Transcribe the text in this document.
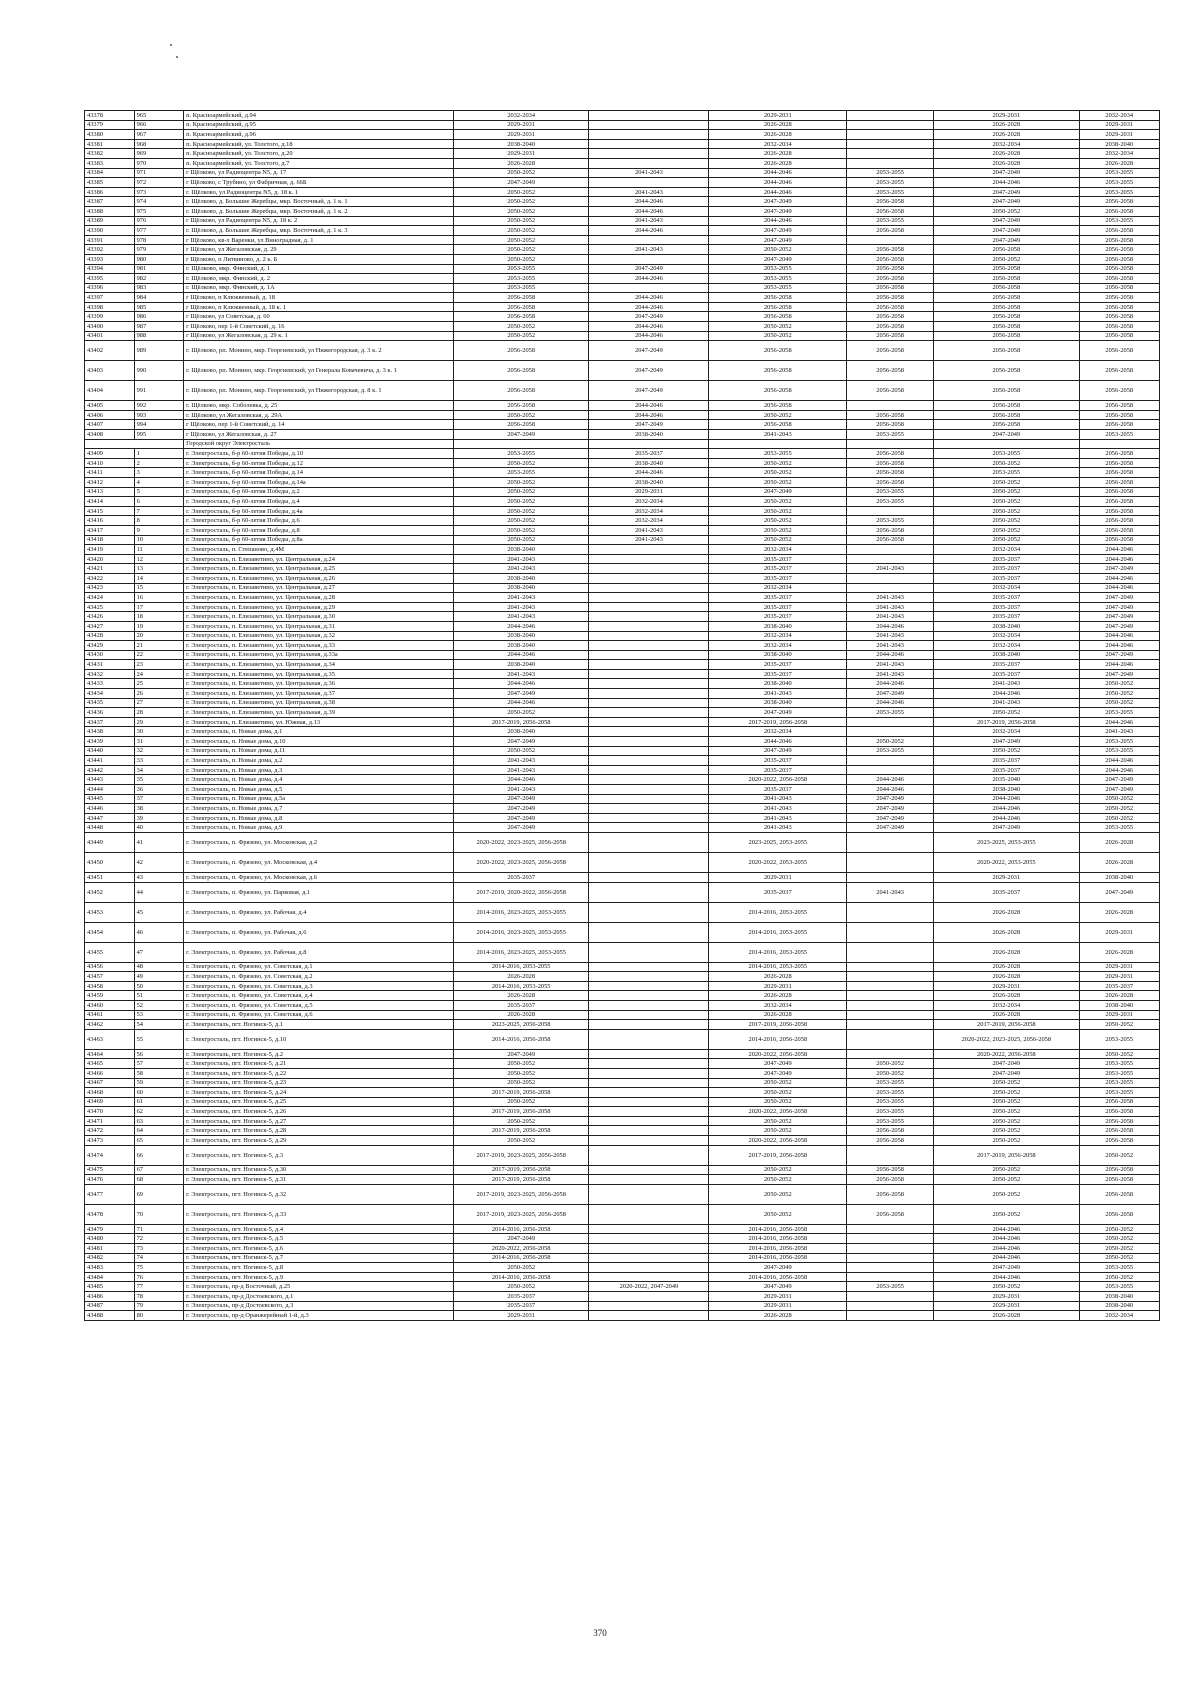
43378	965	п. Красноармейский, д.94	2032-2034		2029-2031		2029-2031	2032-2034
43379	966	п. Красноармейский, д.95	2029-2031		2026-2028		2026-2028	2029-2031
43380	967	п. Красноармейский, д.96	2029-2031		2026-2028		2026-2028	2029-2031
43381	968	п. Красноармейский, ул. Толстого, д.18	2038-2040		2032-2034		2032-2034	2038-2040
43382	969	п. Красноармейский, ул. Толстого, д.20	2029-2031		2026-2028		2026-2028	2032-2034
43383	970	п. Красноармейский, ул. Толстого, д.7	2026-2028		2026-2028		2026-2028	2026-2028
43384	971	г Щёлково, ул Радиоцентра N5, д. 17	2050-2052	2041-2043	2044-2046	2053-2055	2047-2049	2053-2055
43385	972	г Щёлково, с Трубино, ул Фабричная, д. 66Б	2047-2049		2044-2046	2053-2055	2044-2046	2053-2055
43386	973	г. Щёлково, ул Радиоцентра N5, д. 18 к. 1	2050-2052	2041-2043	2044-2046	2053-2055	2047-2049	2053-2055
43387	974	г. Щёлково, д. Большие Жеребцы, мкр. Восточный, д. 1 к. 1	2050-2052	2044-2046	2047-2049	2056-2058	2047-2049	2056-2058
43388	975	г. Щёлково, д. Большие Жеребцы, мкр. Восточный, д. 1 к. 2	2050-2052	2044-2046	2047-2049	2056-2058	2050-2052	2056-2058
43389	976	г Щёлково, ул Радиоцентра N5, д. 18 к. 2	2050-2052	2041-2043	2044-2046	2053-2055	2047-2049	2053-2055
43390	977	г. Щёлково, д. Большие Жеребцы, мкр. Восточный, д. 1 к. 3	2050-2052	2044-2046	2047-2049	2056-2058	2047-2049	2056-2058
43391	978	г Щёлково, кв-л Варенки, ул Виноградная, д. 1	2050-2052		2047-2049		2047-2049	2056-2058
43392	979	г Щёлково, ул Жегаловская, д. 29	2050-2052	2041-2043	2050-2052	2056-2058	2056-2058	2056-2058
43393	980	г Щёлково, п Литвиново, д. 2 к. Б	2050-2052		2047-2049	2056-2058	2050-2052	2056-2058
43394	981	г. Щёлково, мкр. Финский, д. 1	2053-2055	2047-2049	2053-2055	2056-2058	2056-2058	2056-2058
43395	982	г. Щёлково, мкр. Финский, д. 2	2053-2055	2044-2046	2053-2055	2056-2058	2056-2058	2056-2058
43396	983	г. Щёлково, мкр. Финский, д. 1А	2053-2055		2053-2055	2056-2058	2056-2058	2056-2058
43397	984	г Щёлково, п Клюквенный, д. 18	2056-2058	2044-2046	2056-2058	2056-2058	2056-2058	2056-2058
43398	985	г Щёлково, п Клюквенный, д. 18 к. 1	2056-2058	2044-2046	2056-2058	2056-2058	2056-2058	2056-2058
43399	986	г Щёлково, ул Советская, д. 60	2056-2058	2047-2049	2056-2058	2056-2058	2056-2058	2056-2058
43400	987	г Щёлково, пер 1-й Советский, д. 16	2050-2052	2044-2046	2050-2052	2056-2058	2056-2058	2056-2058
43401	988	г Щёлково, ул Жегаловская, д. 29 к. 1	2050-2052	2044-2046	2050-2052	2056-2058	2056-2058	2056-2058
43402	989	г. Щёлково, рп. Монино, мкр. Георгиевский, ул Нижегородская, д. 3 к. 2	2056-2058	2047-2049	2056-2058	2056-2058	2056-2058	2056-2058
43403	990	г. Щёлково, рп. Монино, мкр. Георгиевский, ул Генерала Ковачевича, д. 3 к. 1	2056-2058	2047-2049	2056-2058	2056-2058	2056-2058	2056-2058
43404	991	г. Щёлково, рп. Монино, мкр. Георгиевский, ул Нижегородская, д. 8 к. 1	2056-2058	2047-2049	2056-2058	2056-2058	2056-2058	2056-2058
43405	992	г. Щёлково, мкр. Соболевка, д. 25	2056-2058	2044-2046	2056-2058		2056-2058	2056-2058
43406	993	г. Щёлково, ул Жегаловская, д. 29А	2050-2052	2044-2046	2050-2052	2056-2058	2056-2058	2056-2058
43407	994	г Щёлково, пер 1-й Советский, д. 14	2056-2058	2047-2049	2056-2058	2056-2058	2056-2058	2056-2058
43408	995	г Щёлково, ул Жегаловская, д. 27	2047-2049	2038-2040	2041-2043	2053-2055	2047-2049	2053-2055
		Городской округ Электросталь						
43409	1	г. Электросталь, б-р 60-летия Победы, д.10	2053-2055	2035-2037	2053-2055	2056-2058	2053-2055	2056-2058
43410	2	г. Электросталь, б-р 60-летия Победы, д.12	2050-2052	2038-2040	2050-2052	2056-2058	2050-2052	2056-2058
43411	3	г. Электросталь, б-р 60-летия Победы, д.14	2053-2055	2044-2046	2050-2052	2056-2058	2053-2055	2056-2058
43412	4	г. Электросталь, б-р 60-летия Победы, д.14а	2050-2052	2038-2040	2050-2052	2056-2058	2050-2052	2056-2058
43413	5	г. Электросталь, б-р 60-летия Победы, д.2	2050-2052	2029-2031	2047-2049	2053-2055	2050-2052	2056-2058
43414	6	г. Электросталь, б-р 60-летия Победы, д.4	2050-2052	2032-2034	2050-2052	2053-2055	2050-2052	2056-2058
43415	7	г. Электросталь, б-р 60-летия Победы, д.4а	2050-2052	2032-2034	2050-2052		2050-2052	2056-2058
43416	8	г. Электросталь, б-р 60-летия Победы, д.6	2050-2052	2032-2034	2050-2052	2053-2055	2050-2052	2056-2058
43417	9	г. Электросталь, б-р 60-летия Победы, д.8	2050-2052	2041-2043	2050-2052	2056-2058	2050-2052	2056-2058
43418	10	г. Электросталь, б-р 60-летия Победы, д.8а	2050-2052	2041-2043	2050-2052	2056-2058	2050-2052	2056-2058
43419	11	г. Электросталь, п. Степаново, д.4М	2038-2040		2032-2034		2032-2034	2044-2046
43420	12	г. Электросталь, п. Елизаветино, ул. Центральная, д.24	2041-2043		2035-2037		2035-2037	2044-2046
43421	13	г. Электросталь, п. Елизаветино, ул. Центральная, д.25	2041-2043		2035-2037	2041-2043	2035-2037	2047-2049
43422	14	г. Электросталь, п. Елизаветино, ул. Центральная, д.26	2038-2040		2035-2037		2035-2037	2044-2046
43423	15	г. Электросталь, п. Елизаветино, ул. Центральная, д.27	2038-2040		2032-2034		2032-2034	2044-2046
43424	16	г. Электросталь, п. Елизаветино, ул. Центральная, д.28	2041-2043		2035-2037	2041-2043	2035-2037	2047-2049
43425	17	г. Электросталь, п. Елизаветино, ул. Центральная, д.29	2041-2043		2035-2037	2041-2043	2035-2037	2047-2049
43426	18	г. Электросталь, п. Елизаветино, ул. Центральная, д.30	2041-2043		2035-2037	2041-2043	2035-2037	2047-2049
43427	19	г. Электросталь, п. Елизаветино, ул. Центральная, д.31	2044-2046		2038-2040	2044-2046	2038-2040	2047-2049
43428	20	г. Электросталь, п. Елизаветино, ул. Центральная, д.32	2038-2040		2032-2034	2041-2043	2032-2034	2044-2046
43429	21	г. Электросталь, п. Елизаветино, ул. Центральная, д.33	2038-2040		2032-2034	2041-2043	2032-2034	2044-2046
43430	22	г. Электросталь, п. Елизаветино, ул. Центральная, д.33а	2044-2046		2038-2040	2044-2046	2038-2040	2047-2049
43431	23	г. Электросталь, п. Елизаветино, ул. Центральная, д.34	2038-2040		2035-2037	2041-2043	2035-2037	2044-2046
43432	24	г. Электросталь, п. Елизаветино, ул. Центральная, д.35	2041-2043		2035-2037	2041-2043	2035-2037	2047-2049
43433	25	г. Электросталь, п. Елизаветино, ул. Центральная, д.36	2044-2046		2038-2040	2044-2046	2041-2043	2050-2052
43434	26	г. Электросталь, п. Елизаветино, ул. Центральная, д.37	2047-2049		2041-2043	2047-2049	2044-2046	2050-2052
43435	27	г. Электросталь, п. Елизаветино, ул. Центральная, д.38	2044-2046		2038-2040	2044-2046	2041-2043	2050-2052
43436	28	г. Электросталь, п. Елизаветино, ул. Центральная, д.39	2050-2052		2047-2049	2053-2055	2050-2052	2053-2055
43437	29	г. Электросталь, п. Елизаветино, ул. Южная, д.13	2017-2019, 2056-2058		2017-2019, 2056-2058		2017-2019, 2056-2058	2044-2046
43438	30	г. Электросталь, п. Новые дома, д.1	2038-2040		2032-2034		2032-2034	2041-2043
43439	31	г. Электросталь, п. Новые дома, д.10	2047-2049		2044-2046	2050-2052	2047-2049	2053-2055
43440	32	г. Электросталь, п. Новые дома, д.11	2050-2052		2047-2049	2053-2055	2050-2052	2053-2055
43441	33	г. Электросталь, п. Новые дома, д.2	2041-2043		2035-2037		2035-2037	2044-2046
43442	34	г. Электросталь, п. Новые дома, д.3	2041-2043		2035-2037		2035-2037	2044-2046
43443	35	г. Электросталь, п. Новые дома, д.4	2044-2046		2020-2022, 2056-2058	2044-2046	2035-2040	2047-2049
43444	36	г. Электросталь, п. Новые дома, д.5	2041-2043		2035-2037	2044-2046	2038-2040	2047-2049
43445	37	г. Электросталь, п. Новые дома, д.5а	2047-2049		2041-2043	2047-2049	2044-2046	2050-2052
43446	38	г. Электросталь, п. Новые дома, д.7	2047-2049		2041-2043	2047-2049	2044-2046	2050-2052
43447	39	г. Электросталь, п. Новые дома, д.8	2047-2049		2041-2043	2047-2049	2044-2046	2050-2052
43448	40	г. Электросталь, п. Новые дома, д.9	2047-2049		2041-2043	2047-2049	2047-2049	2053-2055
43449	41	г. Электросталь, п. Фрязево, ул. Московская, д.2	2020-2022, 2023-2025, 2056-2058		2023-2025, 2053-2055		2023-2025, 2053-2055	2026-2028
43450	42	г. Электросталь, п. Фрязево, ул. Московская, д.4	2020-2022, 2023-2025, 2056-2058		2020-2022, 2053-2055		2020-2022, 2053-2055	2026-2028
43451	43	г. Электросталь, п. Фрязево, ул. Московская, д.6	2035-2037		2029-2031		2029-2031	2038-2040
43452	44	г. Электросталь, п. Фрязево, ул. Парковая, д.1	2017-2019, 2020-2022, 2056-2058		2035-2037	2041-2043	2035-2037	2047-2049
43453	45	г. Электросталь, п. Фрязево, ул. Рабочая, д.4	2014-2016, 2023-2025, 2053-2055		2014-2016, 2053-2055		2026-2028	2026-2028
43454	46	г. Электросталь, п. Фрязево, ул. Рабочая, д.6	2014-2016, 2023-2025, 2053-2055		2014-2016, 2053-2055		2026-2028	2029-2031
43455	47	г. Электросталь, п. Фрязево, ул. Рабочая, д.8	2014-2016, 2023-2025, 2053-2055		2014-2016, 2053-2055		2026-2028	2026-2028
43456	48	г. Электросталь, п. Фрязево, ул. Советская, д.1	2014-2016, 2053-2055		2014-2016, 2053-2055		2026-2028	2029-2031
43457	49	г. Электросталь, п. Фрязево, ул. Советская, д.2	2026-2028		2026-2028		2026-2028	2029-2031
43458	50	г. Электросталь, п. Фрязево, ул. Советская, д.3	2014-2016, 2053-2055		2029-2031		2029-2031	2035-2037
43459	51	г. Электросталь, п. Фрязево, ул. Советская, д.4	2026-2028		2026-2028		2026-2028	2026-2028
43460	52	г. Электросталь, п. Фрязево, ул. Советская, д.5	2035-2037		2032-2034		2032-2034	2038-2040
43461	53	г. Электросталь, п. Фрязево, ул. Советская, д.6	2026-2028		2026-2028		2026-2028	2029-2031
43462	54	г. Электросталь, пгт. Ногинск-5, д.1	2023-2025, 2056-2058		2017-2019, 2056-2058		2017-2019, 2056-2058	2050-2052
43463	55	г. Электросталь, пгт. Ногинск-5, д.10	2014-2016, 2056-2058		2014-2016, 2056-2058		2020-2022, 2023-2025, 2056-2058	2053-2055
43464	56	г. Электросталь, пгт. Ногинск-5, д.2	2047-2049		2020-2022, 2056-2058		2020-2022, 2056-2058	2050-2052
43465	57	г. Электросталь, пгт. Ногинск-5, д.21	2050-2052		2047-2049	2050-2052	2047-2049	2053-2055
43466	58	г. Электросталь, пгт. Ногинск-5, д.22	2050-2052		2047-2049	2050-2052	2047-2049	2053-2055
43467	59	г. Электросталь, пгт. Ногинск-5, д.23	2050-2052		2050-2052	2053-2055	2050-2052	2053-2055
43468	60	г. Электросталь, пгт. Ногинск-5, д.24	2017-2019, 2056-2058		2050-2052	2053-2055	2050-2052	2053-2055
43469	61	г. Электросталь, пгт. Ногинск-5, д.25	2050-2052		2050-2052	2053-2055	2050-2052	2056-2058
43470	62	г. Электросталь, пгт. Ногинск-5, д.26	2017-2019, 2056-2058		2020-2022, 2056-2058	2053-2055	2050-2052	2056-2058
43471	63	г. Электросталь, пгт. Ногинск-5, д.27	2050-2052		2050-2052	2053-2055	2050-2052	2056-2058
43472	64	г. Электросталь, пгт. Ногинск-5, д.28	2017-2019, 2056-2058		2050-2052	2056-2058	2050-2052	2056-2058
43473	65	г. Электросталь, пгт. Ногинск-5, д.29	2050-2052		2020-2022, 2056-2058	2056-2058	2050-2052	2056-2058
43474	66	г. Электросталь, пгт. Ногинск-5, д.3	2017-2019, 2023-2025, 2056-2058		2017-2019, 2056-2058		2017-2019, 2056-2058	2050-2052
43475	67	г. Электросталь, пгт. Ногинск-5, д.30	2017-2019, 2056-2058		2050-2052	2056-2058	2050-2052	2056-2058
43476	68	г. Электросталь, пгт. Ногинск-5, д.31	2017-2019, 2056-2058		2050-2052	2056-2058	2050-2052	2056-2058
43477	69	г. Электросталь, пгт. Ногинск-5, д.32	2017-2019, 2023-2025, 2056-2058		2050-2052	2056-2058	2050-2052	2056-2058
43478	70	г. Электросталь, пгт. Ногинск-5, д.33	2017-2019, 2023-2025, 2056-2058		2050-2052	2056-2058	2050-2052	2056-2058
43479	71	г. Электросталь, пгт. Ногинск-5, д.4	2014-2016, 2056-2058		2014-2016, 2056-2058		2044-2046	2050-2052
43480	72	г. Электросталь, пгт. Ногинск-5, д.5	2047-2049		2014-2016, 2056-2058		2044-2046	2050-2052
43481	73	г. Электросталь, пгт. Ногинск-5, д.6	2020-2022, 2056-2058		2014-2016, 2056-2058		2044-2046	2050-2052
43482	74	г. Электросталь, пгт. Ногинск-5, д.7	2014-2016, 2056-2058		2014-2016, 2056-2058		2044-2046	2050-2052
43483	75	г. Электросталь, пгт. Ногинск-5, д.8	2050-2052		2047-2049		2047-2049	2053-2055
43484	76	г. Электросталь, пгт. Ногинск-5, д.9	2014-2016, 2056-2058		2014-2016, 2056-2058		2044-2046	2050-2052
43485	77	г. Электросталь, пр-д Восточный, д.25	2050-2052	2020-2022, 2047-2049	2047-2049	2053-2055	2050-2052	2053-2055
43486	78	г. Электросталь, пр-д Достоевского, д.1	2035-2037		2029-2031		2029-2031	2038-2040
43487	79	г. Электросталь, пр-д Достоевского, д.3	2035-2037		2029-2031		2029-2031	2038-2040
43488	80	г. Электросталь, пр-д Оранжерейный 1-й, д.3	2029-2031		2026-2028		2026-2028	2032-2034
370
